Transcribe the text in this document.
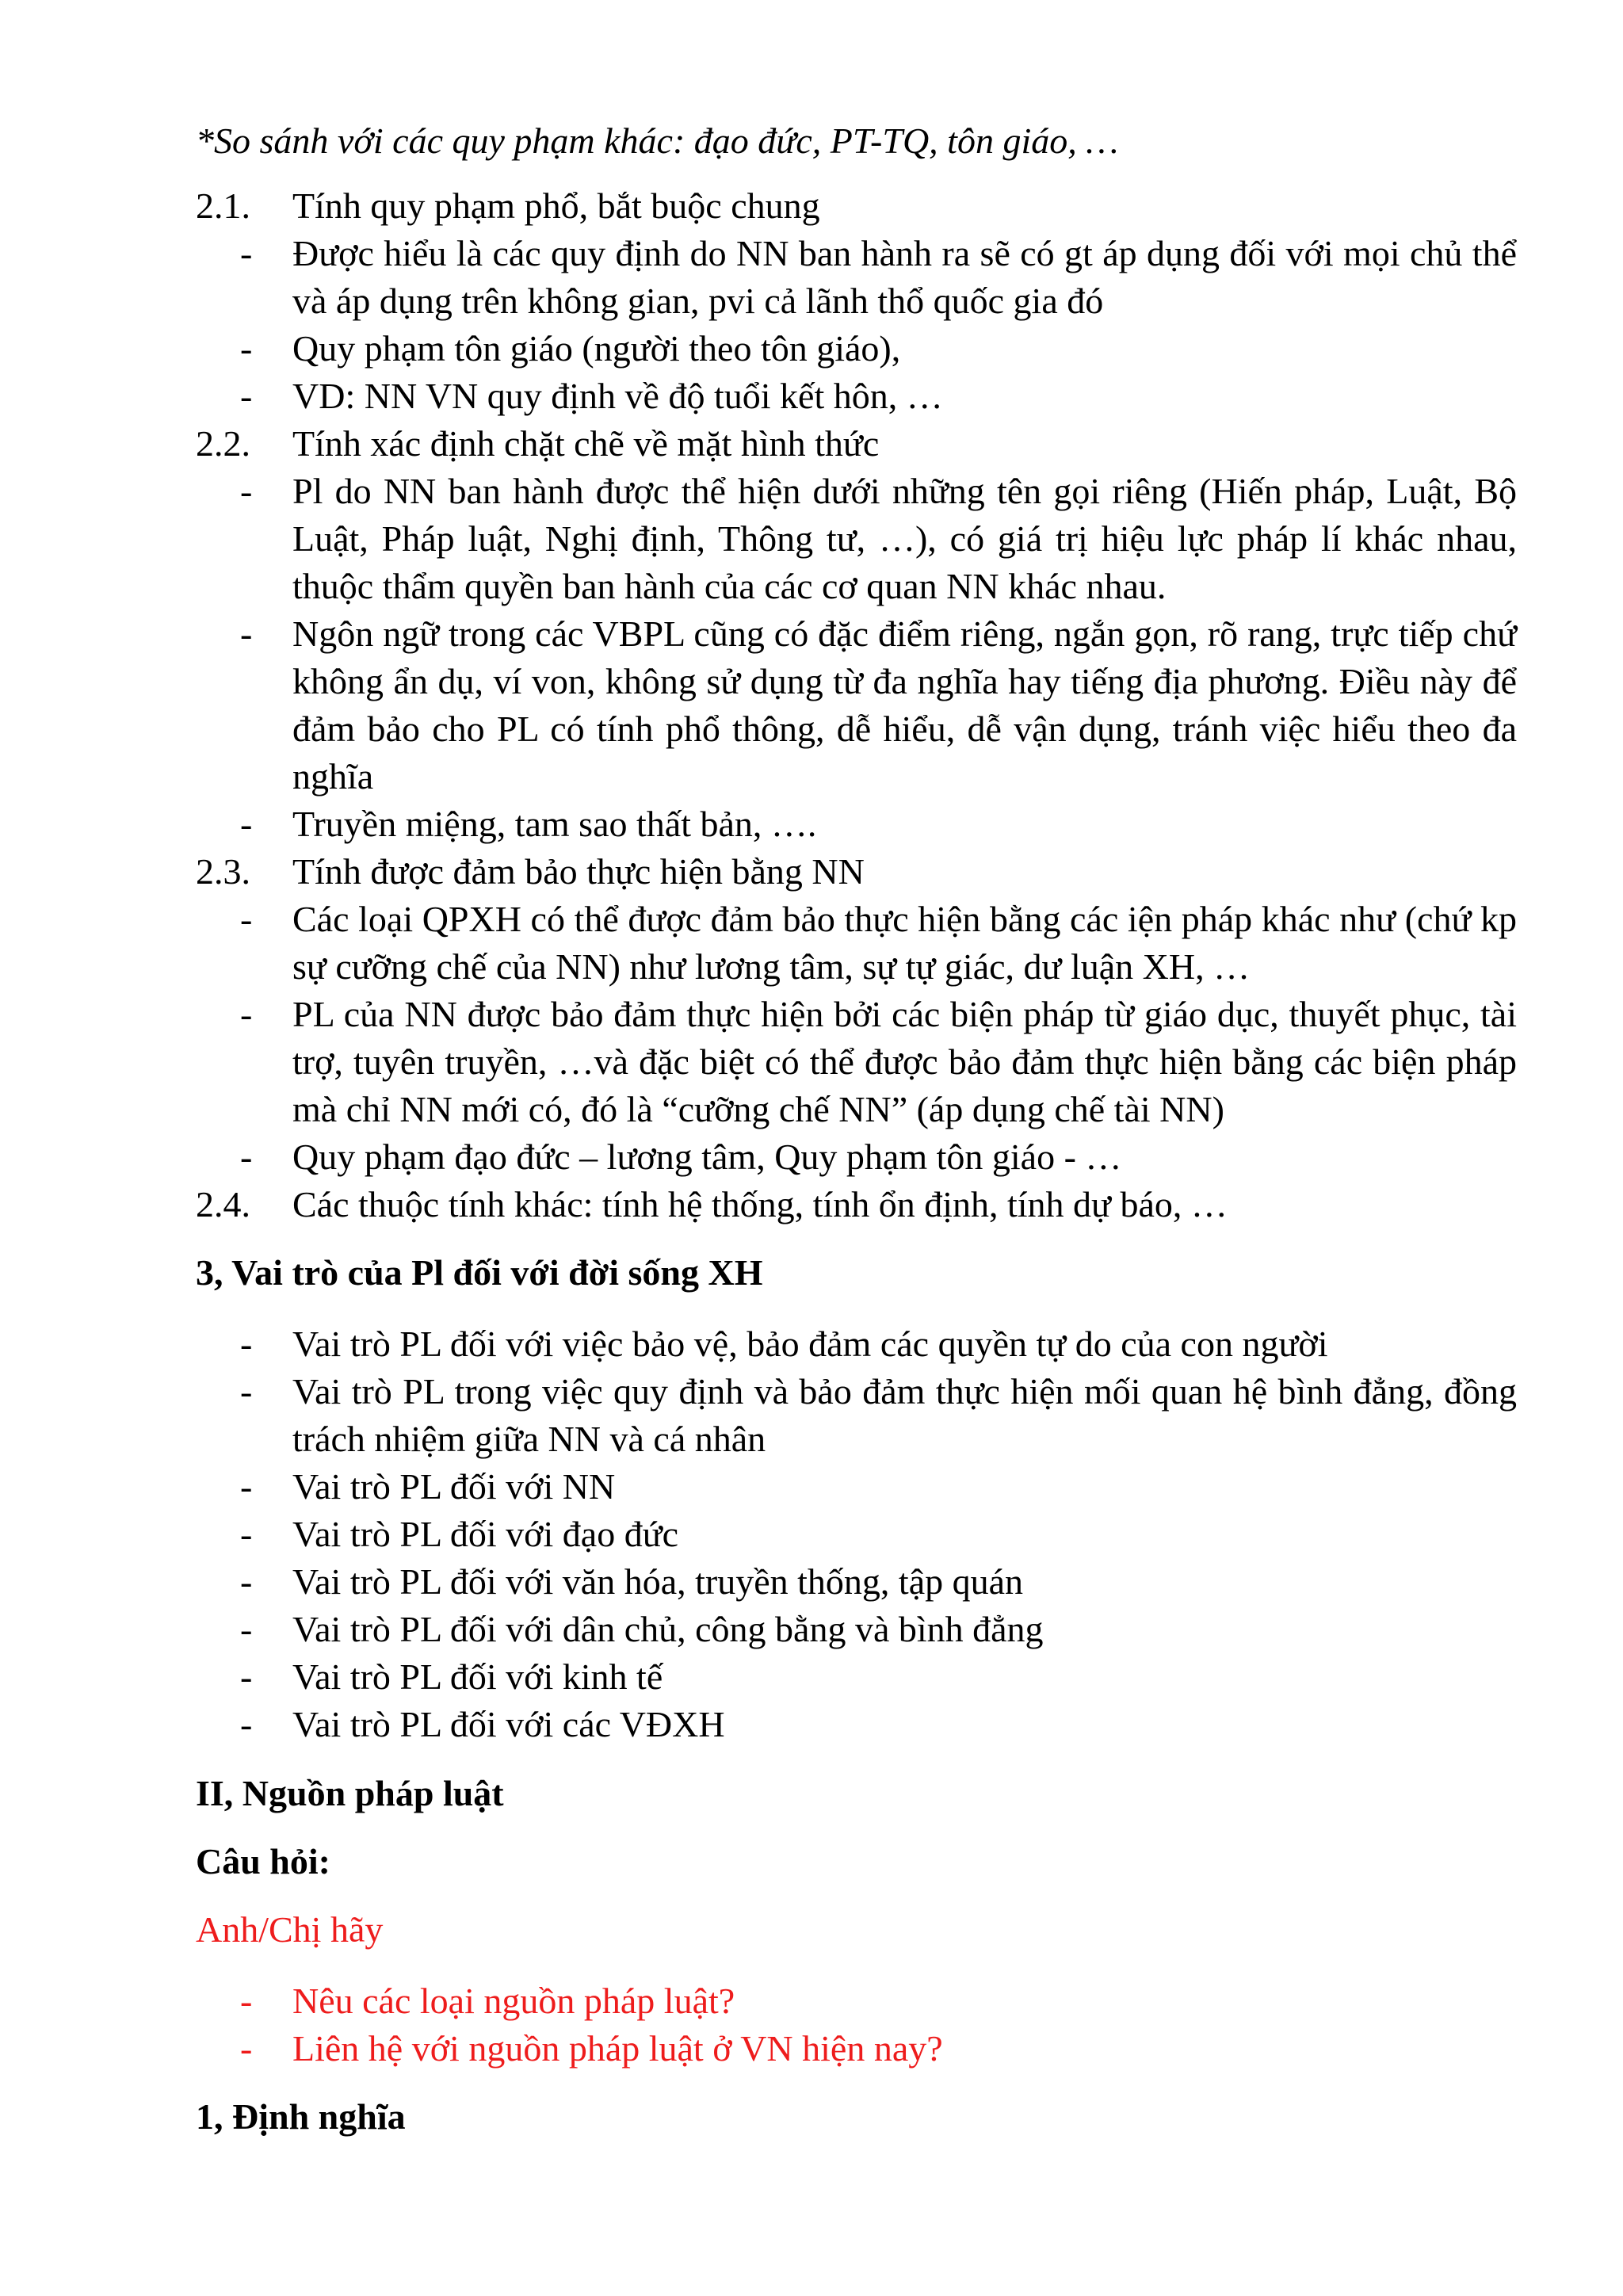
*So sánh với các quy phạm khác: đạo đức, PT-TQ, tôn giáo, …
2.1. Tính quy phạm phổ, bắt buộc chung
- Được hiểu là các quy định do NN ban hành ra sẽ có gt áp dụng đối với mọi chủ thể và áp dụng trên không gian, pvi cả lãnh thổ quốc gia đó
- Quy phạm tôn giáo (người theo tôn giáo),
- VD: NN VN quy định về độ tuổi kết hôn, …
2.2. Tính xác định chặt chẽ về mặt hình thức
- Pl do NN ban hành được thể hiện dưới những tên gọi riêng (Hiến pháp, Luật, Bộ Luật, Pháp luật, Nghị định, Thông tư, …), có giá trị hiệu lực pháp lí khác nhau, thuộc thẩm quyền ban hành của các cơ quan NN khác nhau.
- Ngôn ngữ trong các VBPL cũng có đặc điểm riêng, ngắn gọn, rõ rang, trực tiếp chứ không ẩn dụ, ví von, không sử dụng từ đa nghĩa hay tiếng địa phương. Điều này để đảm bảo cho PL có tính phổ thông, dễ hiểu, dễ vận dụng, tránh việc hiểu theo đa nghĩa
- Truyền miệng, tam sao thất bản, ….
2.3. Tính được đảm bảo thực hiện bằng NN
- Các loại QPXH có thể được đảm bảo thực hiện bằng các iện pháp khác như (chứ kp sự cưỡng chế của NN) như lương tâm, sự tự giác, dư luận XH, …
- PL của NN được bảo đảm thực hiện bởi các biện pháp từ giáo dục, thuyết phục, tài trợ, tuyên truyền, …và đặc biệt có thể được bảo đảm thực hiện bằng các biện pháp mà chỉ NN mới có, đó là “cưỡng chế NN” (áp dụng chế tài NN)
- Quy phạm đạo đức – lương tâm, Quy phạm tôn giáo - …
2.4. Các thuộc tính khác: tính hệ thống, tính ổn định, tính dự báo, …
3, Vai trò của Pl đối với đời sống XH
- Vai trò PL đối với việc bảo vệ, bảo đảm các quyền tự do của con người
- Vai trò PL trong việc quy định và bảo đảm thực hiện mối quan hệ bình đẳng, đồng trách nhiệm giữa NN và cá nhân
- Vai trò PL đối với NN
- Vai trò PL đối với đạo đức
- Vai trò PL đối với văn hóa, truyền thống, tập quán
- Vai trò PL đối với dân chủ, công bằng và bình đẳng
- Vai trò PL đối với kinh tế
- Vai trò PL đối với các VĐXH
II, Nguồn pháp luật
Câu hỏi:
Anh/Chị hãy
- Nêu các loại nguồn pháp luật?
- Liên hệ với nguồn pháp luật ở VN hiện nay?
1, Định nghĩa
